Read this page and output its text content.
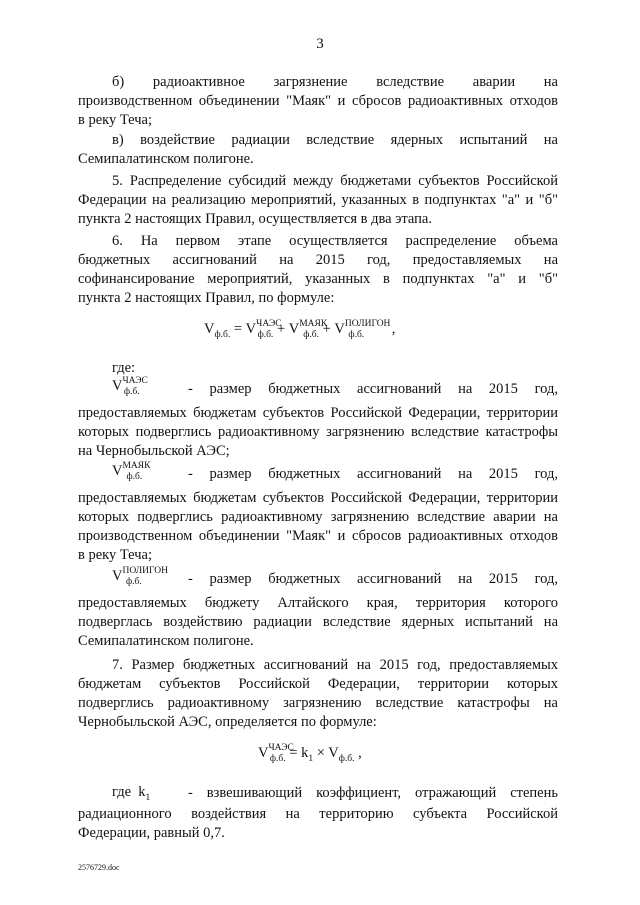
3
б) радиоактивное загрязнение вследствие аварии на
производственном объединении "Маяк" и сбросов радиоактивных отходов
в реку Теча;
в) воздействие радиации вследствие ядерных испытаний на
Семипалатинском полигоне.
5. Распределение субсидий между бюджетами субъектов Российской
Федерации на реализацию мероприятий, указанных в подпунктах "а" и "б"
пункта 2 настоящих Правил, осуществляется в два этапа.
6. На первом этапе осуществляется распределение объема
бюджетных ассигнований на 2015 год, предоставляемых на
софинансирование мероприятий, указанных в подпунктах "а" и "б"
пункта 2 настоящих Правил, по формуле:
где:
- размер бюджетных ассигнований на 2015 год,
предоставляемых бюджетам субъектов Российской Федерации, территории
которых подверглись радиоактивному загрязнению вследствие катастрофы
на Чернобыльской АЭС;
- размер бюджетных ассигнований на 2015 год,
предоставляемых бюджетам субъектов Российской Федерации, территории
которых подверглись радиоактивному загрязнению вследствие аварии на
производственном объединении "Маяк" и сбросов радиоактивных отходов
в реку Теча;
- размер бюджетных ассигнований на 2015 год,
предоставляемых бюджету Алтайского края, территория которого
подверглась воздействию радиации вследствие ядерных испытаний на
Семипалатинском полигоне.
7. Размер бюджетных ассигнований на 2015 год, предоставляемых
бюджетам субъектов Российской Федерации, территории которых
подверглись радиоактивному загрязнению вследствие катастрофы на
Чернобыльской АЭС, определяется по формуле:
- взвешивающий коэффициент, отражающий степень
радиационного воздействия на территорию субъекта Российской
Федерации, равный 0,7.
$V_{ф.б.} = V^{ЧАЭС}_{ф.б.} + V^{МАЯК}_{ф.б.} + V^{ПОЛИГОН}_{ф.б.}$ ,
$V^{ЧАЭС}_{ф.б.}$
$V^{МАЯК}_{ф.б.}$
$V^{ПОЛИГОН}_{ф.б.}$
$V^{ЧАЭС}_{ф.б.} = k_1 \times V_{ф.б.}$ ,
где $k_1$
2576729.doc
